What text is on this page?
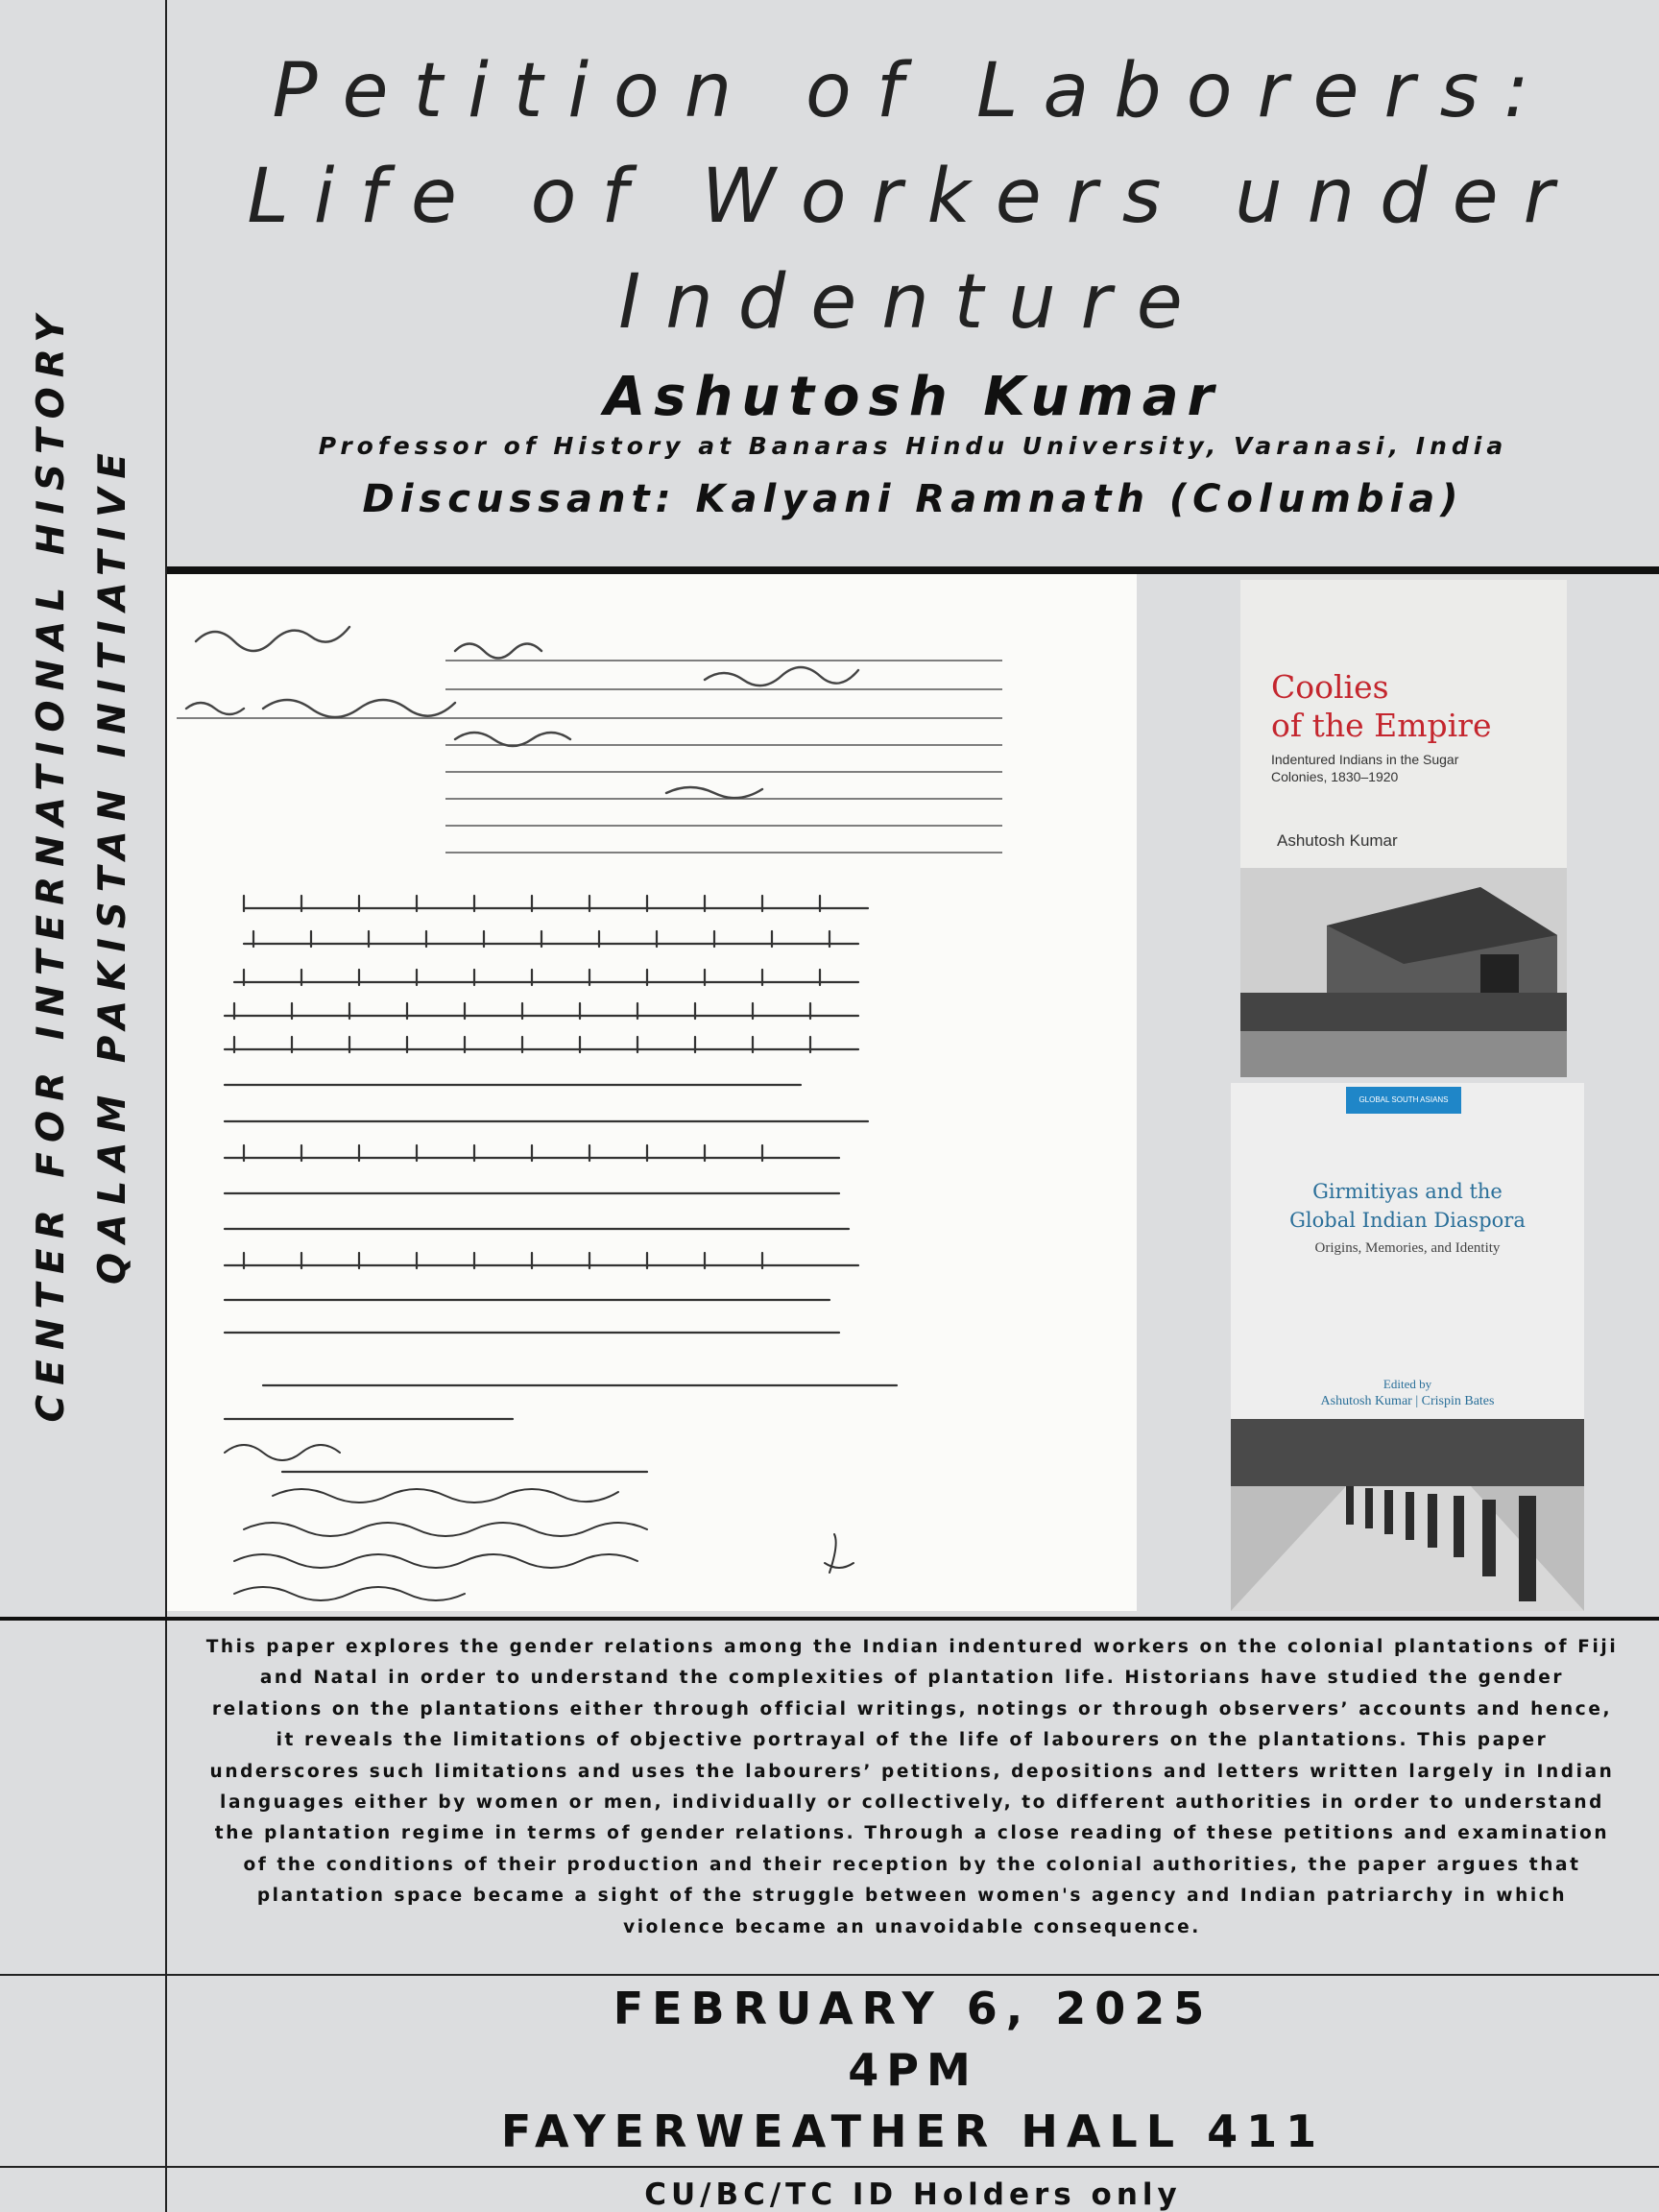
CENTER FOR INTERNATIONAL HISTORY QALAM PAKISTAN INITIATIVE
Petition of Laborers:
Life of Workers under
Indenture
Ashutosh Kumar
Professor of History at Banaras Hindu University, Varanasi, India
Discussant: Kalyani Ramnath (Columbia)
Coolies
of the Empire
Indentured Indians in the Sugar Colonies, 1830–1920
Ashutosh Kumar
GLOBAL SOUTH ASIANS
Girmitiyas and the
Global Indian Diaspora
Origins, Memories, and Identity
Edited by
Ashutosh Kumar | Crispin Bates
This paper explores the gender relations among the Indian indentured workers on the colonial plantations of Fiji and Natal in order to understand the complexities of plantation life. Historians have studied the gender relations on the plantations either through official writings, notings or through observers’ accounts and hence, it reveals the limitations of objective portrayal of the life of labourers on the plantations. This paper underscores such limitations and uses the labourers’ petitions, depositions and letters written largely in Indian languages either by women or men, individually or collectively, to different authorities in order to understand the plantation regime in terms of gender relations. Through a close reading of these petitions and examination of the conditions of their production and their reception by the colonial authorities, the paper argues that plantation space became a sight of the struggle between women's agency and Indian patriarchy in which violence became an unavoidable consequence.
FEBRUARY 6, 2025
4PM
FAYERWEATHER HALL 411
CU/BC/TC ID Holders only
